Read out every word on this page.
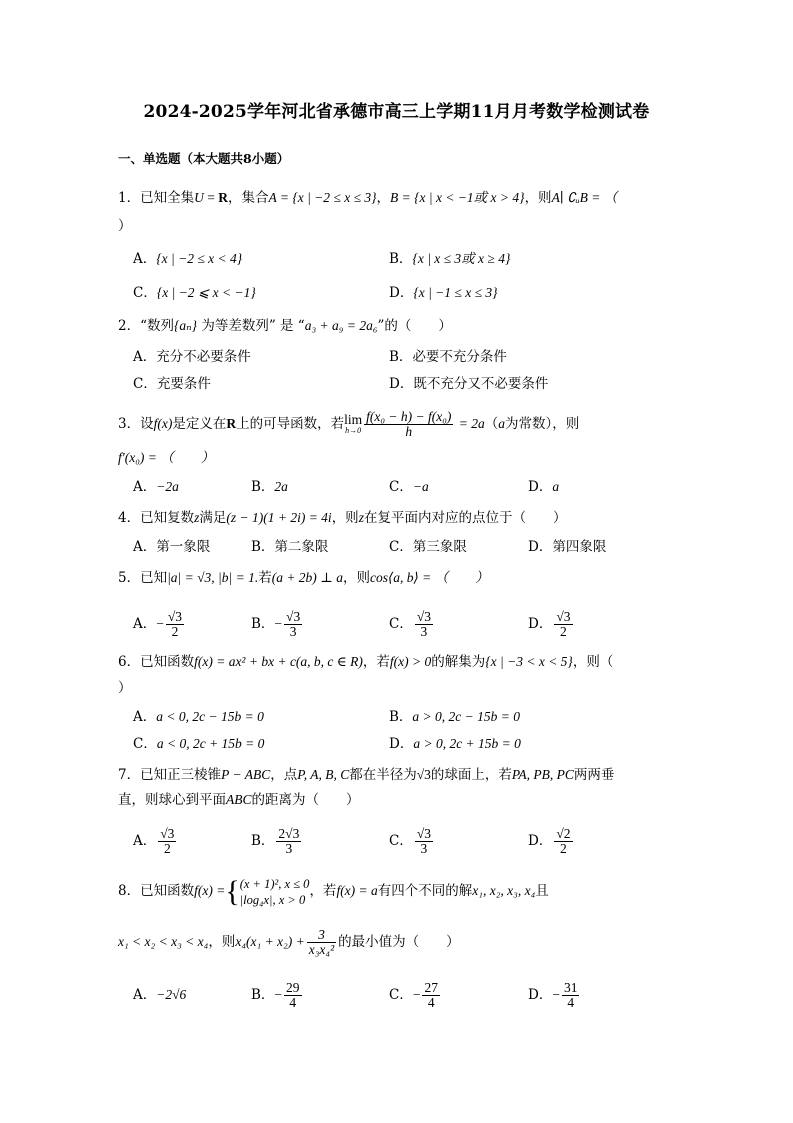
2024-2025学年河北省承德市高三上学期11月月考数学检测试卷
一、单选题（本大题共8小题）
1．已知全集U = R，集合A = {x | −2 ≤ x ≤ 3}，B = {x | x < −1或 x > 4}，则A∣ ∁ᵤB = （
）
A．{x | −2 ≤ x < 4}	B．{x | x ≤ 3或 x ≥ 4}
C．{x | −2 ⩽ x < −1}	D．{x | −1 ≤ x ≤ 3}
2．“数列{aₙ} 为等差数列” 是 “a₃ + a₉ = 2a₆”的（　　）
A．充分不必要条件	B．必要不充分条件
C．充要条件	D．既不充分又不必要条件
3．设f(x)是定义在R上的可导函数，若lim
$h\to 0 \frac{\text{f(x₀ − h) − f(x₀)}}{h} = 2a(a$为常数），则
f′(x₀) = （　　）
A．−2a	B．2a	C．−a	D．a
4．已知复数z满足(z − 1)(1 + 2i) = 4i，则z在复平面内对应的点位于（　　）
A．第一象限	B．第二象限	C．第三象限	D．第四象限
5．已知|a| = √3, |b| = 1.若(a + 2b) ⊥ a，则cos⟨a, b⟩ = （　　）
A．− $\frac{√3}{2}$	B．− $\frac{√3}{3}$	C． $\frac{√3}{3}$	D． $\frac{√3}{2}$
6．已知函数f(x) = ax² + bx + c(a, b, c ∈ R)，若f(x) > 0的解集为{x | −3 < x < 5}，则（
）
A．a < 0, 2c − 15b = 0	B．a > 0, 2c − 15b = 0
C．a < 0, 2c + 15b = 0	D．a > 0, 2c + 15b = 0
7．已知正三棱锥P − ABC，点P, A, B, C都在半径为√3的球面上，若PA, PB, PC两两垂
直，则球心到平面ABC的距离为（　　）
A． $\frac{√3}{2}$	B． $\frac{2√3}{3}$	C． $\frac{√3}{3}$	D． $\frac{√2}{2}$
8．已知函数f(x) ={ (x + 1)², x ≤ 0
|log₄x|, x > 0
，若f(x) = a有四个不同的解x₁, x₂, x₃, x₄且
x₁ < x₂ < x₃ < x₄，则$x_4(x_1 + x_2) + \frac{3}{\text{x₃x₄²}}$ 的最小值为（　　）
A．−2√6	B．− $\frac{29}{4}$	C．− $\frac{27}{4}$	D．− $\frac{31}{4}$
